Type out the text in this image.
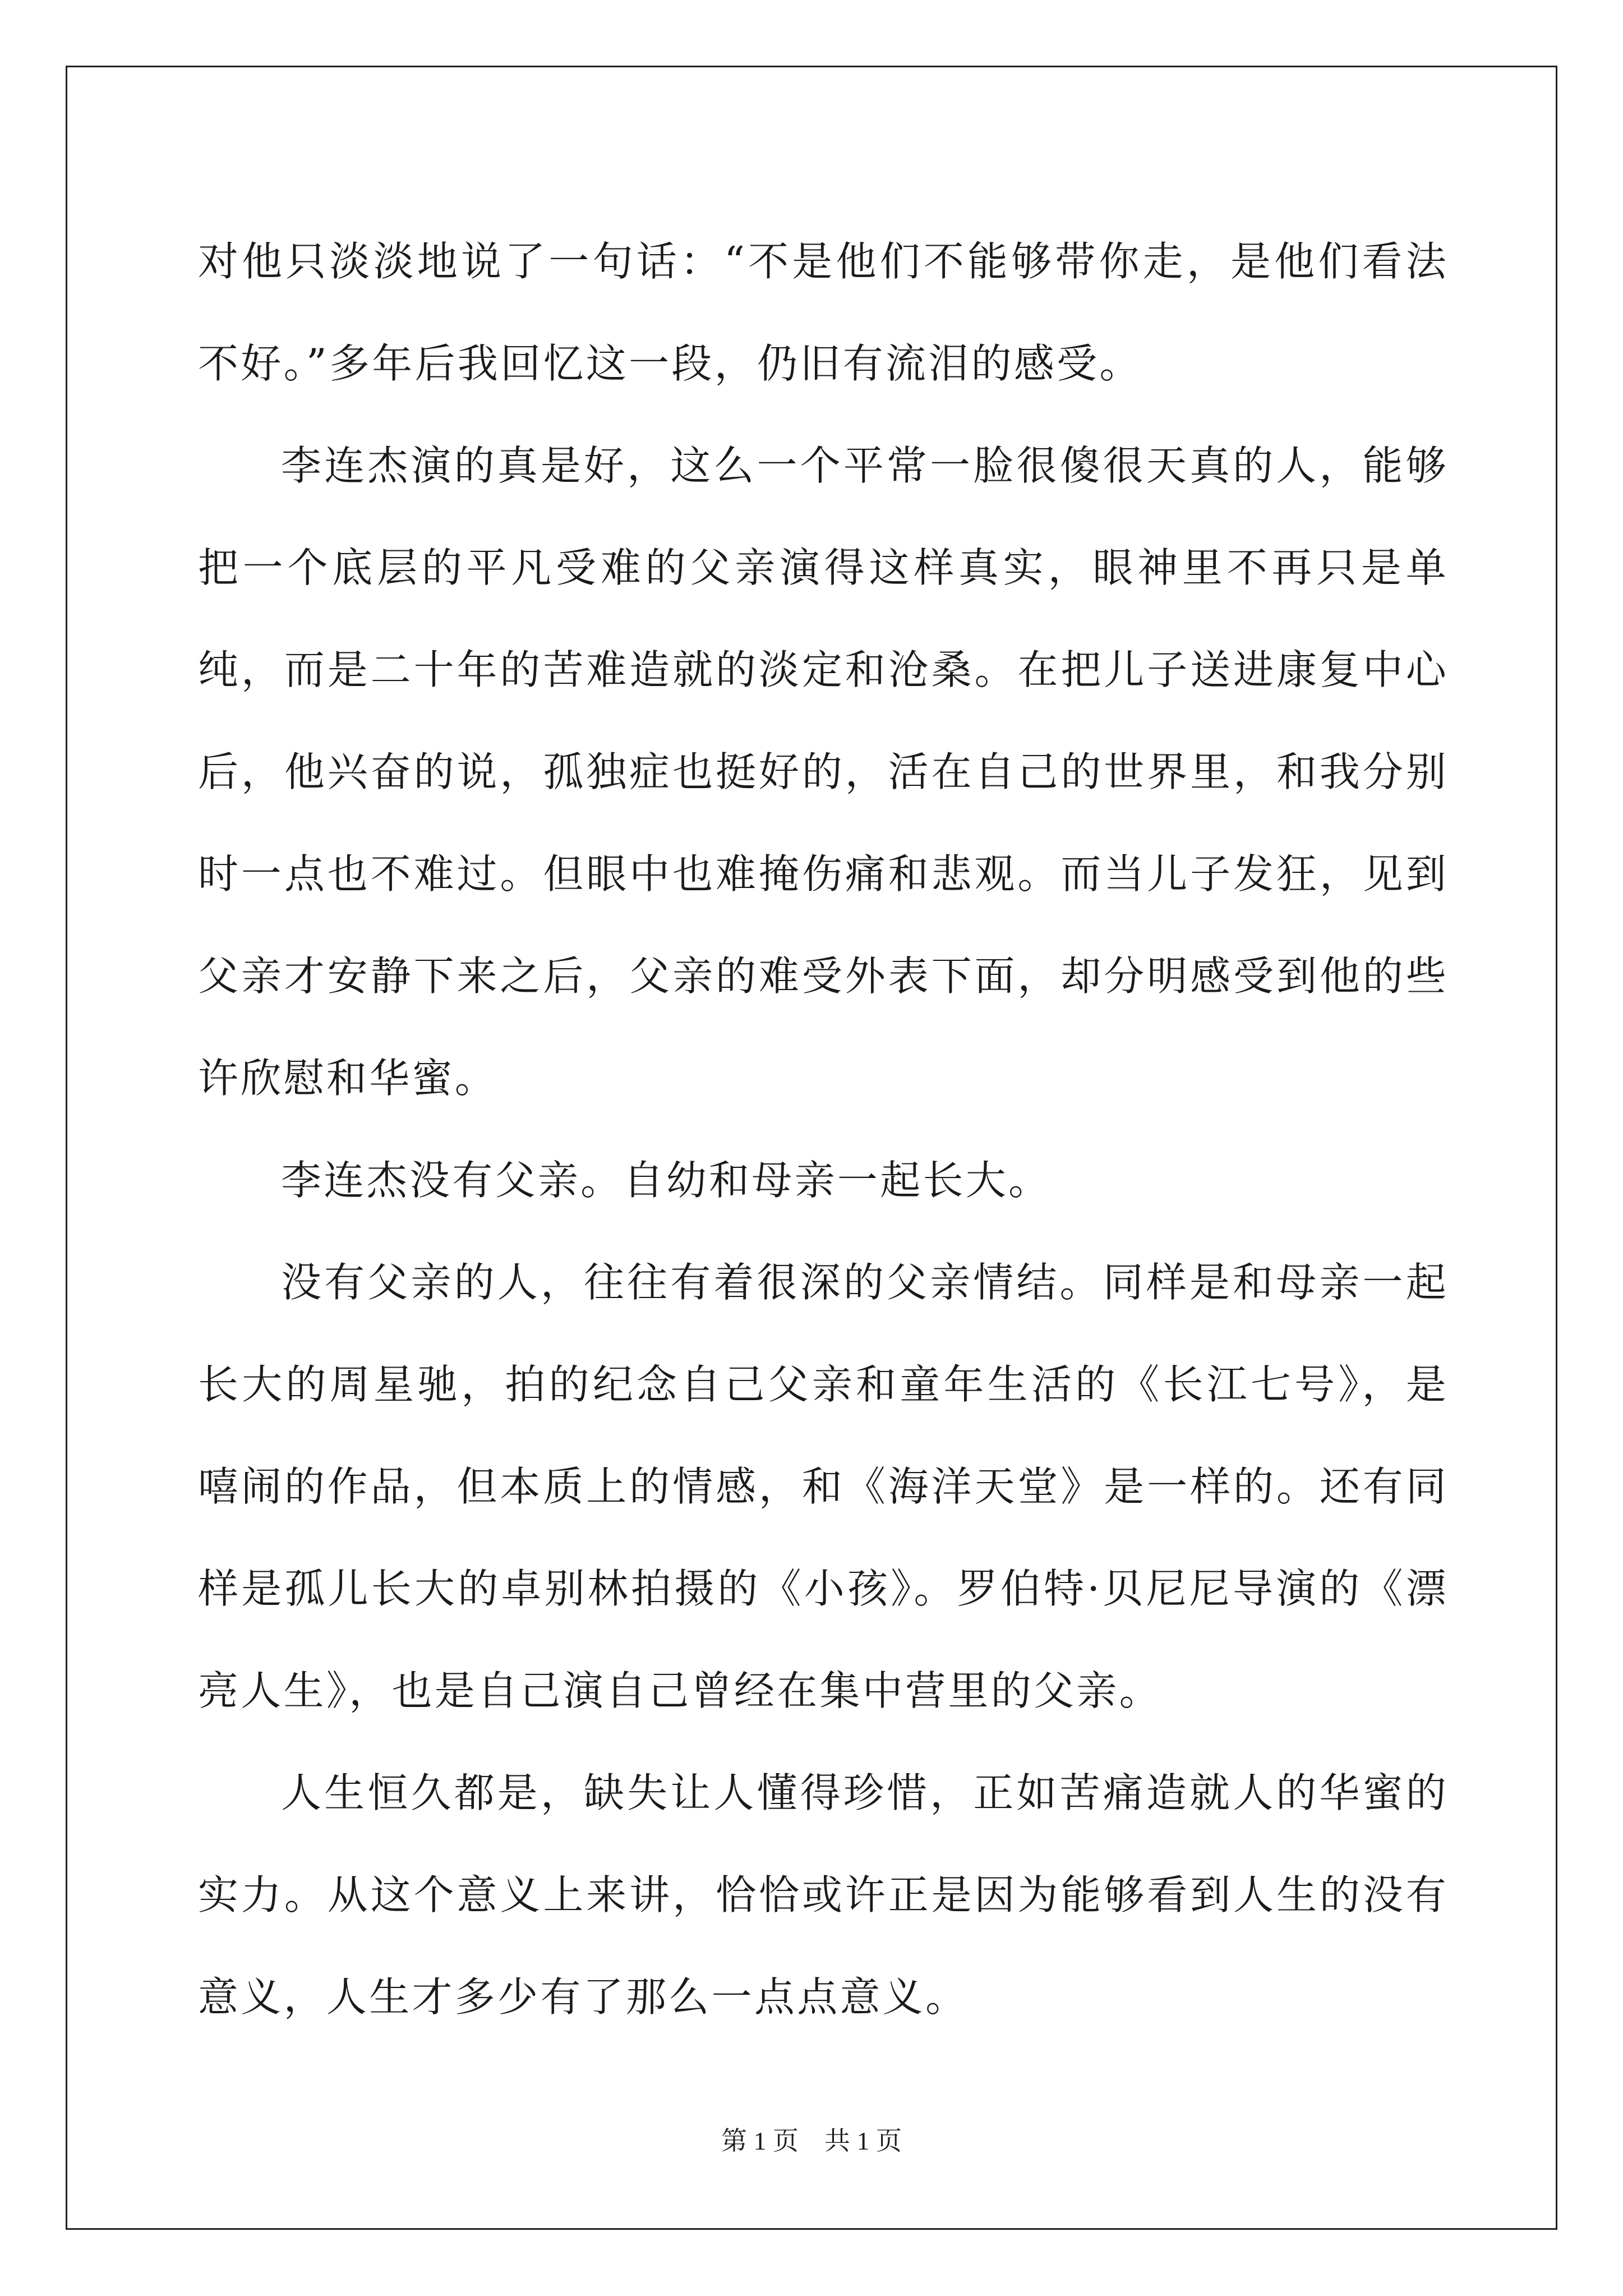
对他只淡淡地说了一句话：“不是他们不能够带你走，是他们看法不好。”多年后我回忆这一段，仍旧有流泪的感受。

李连杰演的真是好，这么一个平常一脸很傻很天真的人，能够把一个底层的平凡受难的父亲演得这样真实，眼神里不再只是单纯，而是二十年的苦难造就的淡定和沧桑。在把儿子送进康复中心后，他兴奋的说，孤独症也挺好的，活在自己的世界里，和我分别时一点也不难过。但眼中也难掩伤痛和悲观。而当儿子发狂，见到父亲才安静下来之后，父亲的难受外表下面，却分明感受到他的些许欣慰和华蜜。

李连杰没有父亲。自幼和母亲一起长大。

没有父亲的人，往往有着很深的父亲情结。同样是和母亲一起长大的周星驰，拍的纪念自己父亲和童年生活的《长江七号》，是嘻闹的作品，但本质上的情感，和《海洋天堂》是一样的。还有同样是孤儿长大的卓别林拍摄的《小孩》。罗伯特·贝尼尼导演的《漂亮人生》，也是自己演自己曾经在集中营里的父亲。

人生恒久都是，缺失让人懂得珍惜，正如苦痛造就人的华蜜的实力。从这个意义上来讲，恰恰或许正是因为能够看到人生的没有意义，人生才多少有了那么一点点意义。

第 1 页 共 1 页
